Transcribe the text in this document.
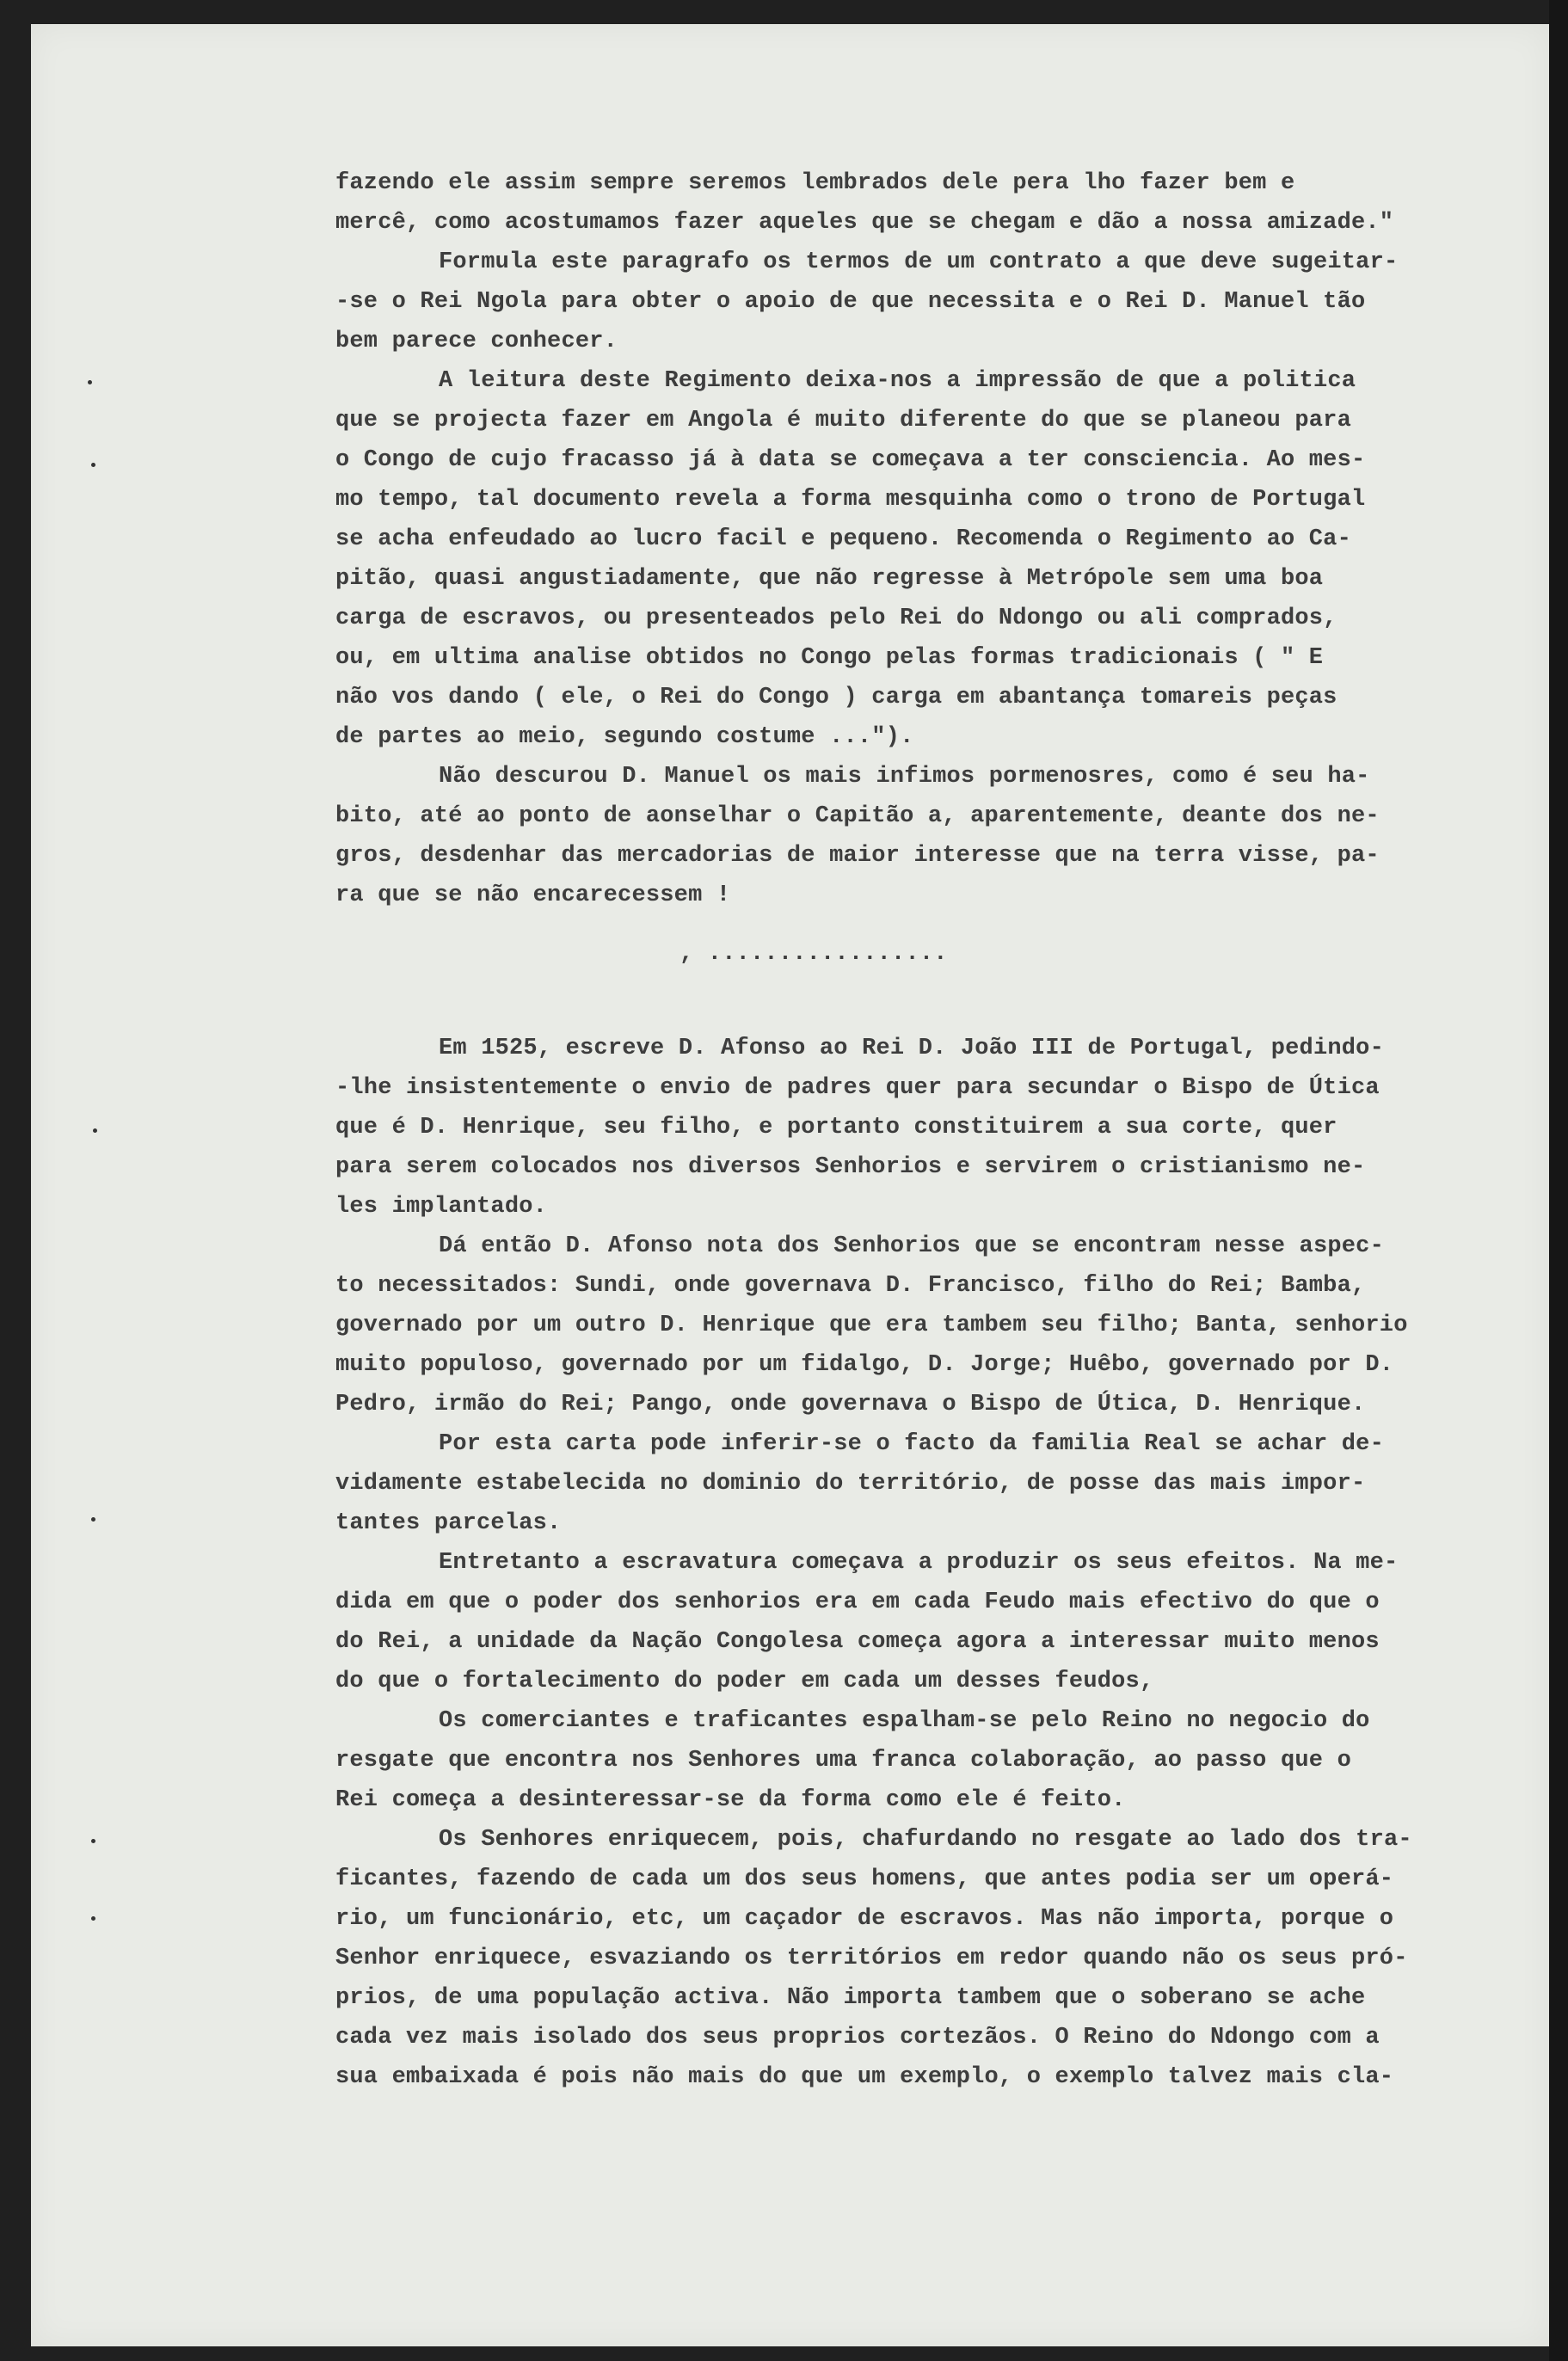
fazendo ele assim sempre seremos lembrados dele pera lho fazer bem e
mercê, como acostumamos fazer aqueles que se chegam e dão a nossa amizade."
Formula este paragrafo os termos de um contrato a que deve sugeitar-
-se o Rei Ngola para obter o apoio de que necessita e o Rei D. Manuel tão
bem parece conhecer.
A leitura deste Regimento deixa-nos a impressão de que a politica
que se projecta fazer em Angola é muito diferente do que se planeou para
o Congo de cujo fracasso já à data se começava a ter consciencia. Ao mes-
mo tempo, tal documento revela a forma mesquinha como o trono de Portugal
se acha enfeudado ao lucro facil e pequeno. Recomenda o Regimento ao Ca-
pitão, quasi angustiadamente, que não regresse à Metrópole sem uma boa
carga de escravos, ou presenteados pelo Rei do Ndongo ou ali comprados,
ou, em ultima analise obtidos no Congo pelas formas tradicionais ( " E
não vos dando ( ele, o Rei do Congo ) carga em abantança tomareis peças
de partes ao meio, segundo costume ...").
Não descurou D. Manuel os mais infimos pormenosres, como é seu ha-
bito, até ao ponto de aonselhar o Capitão a, aparentemente, deante dos ne-
gros, desdenhar das mercadorias de maior interesse que na terra visse, pa-
ra que se não encarecessem !
, .................
Em 1525, escreve D. Afonso ao Rei D. João III de Portugal, pedindo-
-lhe insistentemente o envio de padres quer para secundar o Bispo de Útica
que é D. Henrique, seu filho, e portanto constituirem a sua corte, quer
para serem colocados nos diversos Senhorios e servirem o cristianismo ne-
les implantado.
Dá então D. Afonso nota dos Senhorios que se encontram nesse aspec-
to necessitados: Sundi, onde governava D. Francisco, filho do Rei; Bamba,
governado por um outro D. Henrique que era tambem seu filho; Banta, senhorio
muito populoso, governado por um fidalgo, D. Jorge; Huêbo, governado por D.
Pedro, irmão do Rei; Pango, onde governava o Bispo de Útica, D. Henrique.
Por esta carta pode inferir-se o facto da familia Real se achar de-
vidamente estabelecida no dominio do território, de posse das mais impor-
tantes parcelas.
Entretanto a escravatura começava a produzir os seus efeitos. Na me-
dida em que o poder dos senhorios era em cada Feudo mais efectivo do que o
do Rei, a unidade da Nação Congolesa começa agora a interessar muito menos
do que o fortalecimento do poder em cada um desses feudos,
Os comerciantes e traficantes espalham-se pelo Reino no negocio do
resgate que encontra nos Senhores uma franca colaboração, ao passo que o
Rei começa a desinteressar-se da forma como ele é feito.
Os Senhores enriquecem, pois, chafurdando no resgate ao lado dos tra-
ficantes, fazendo de cada um dos seus homens, que antes podia ser um operá-
rio, um funcionário, etc, um caçador de escravos. Mas não importa, porque o
Senhor enriquece, esvaziando os territórios em redor quando não os seus pró-
prios, de uma população activa. Não importa tambem que o soberano se ache
cada vez mais isolado dos seus proprios cortezãos. O Reino do Ndongo com a
sua embaixada é pois não mais do que um exemplo, o exemplo talvez mais cla-
